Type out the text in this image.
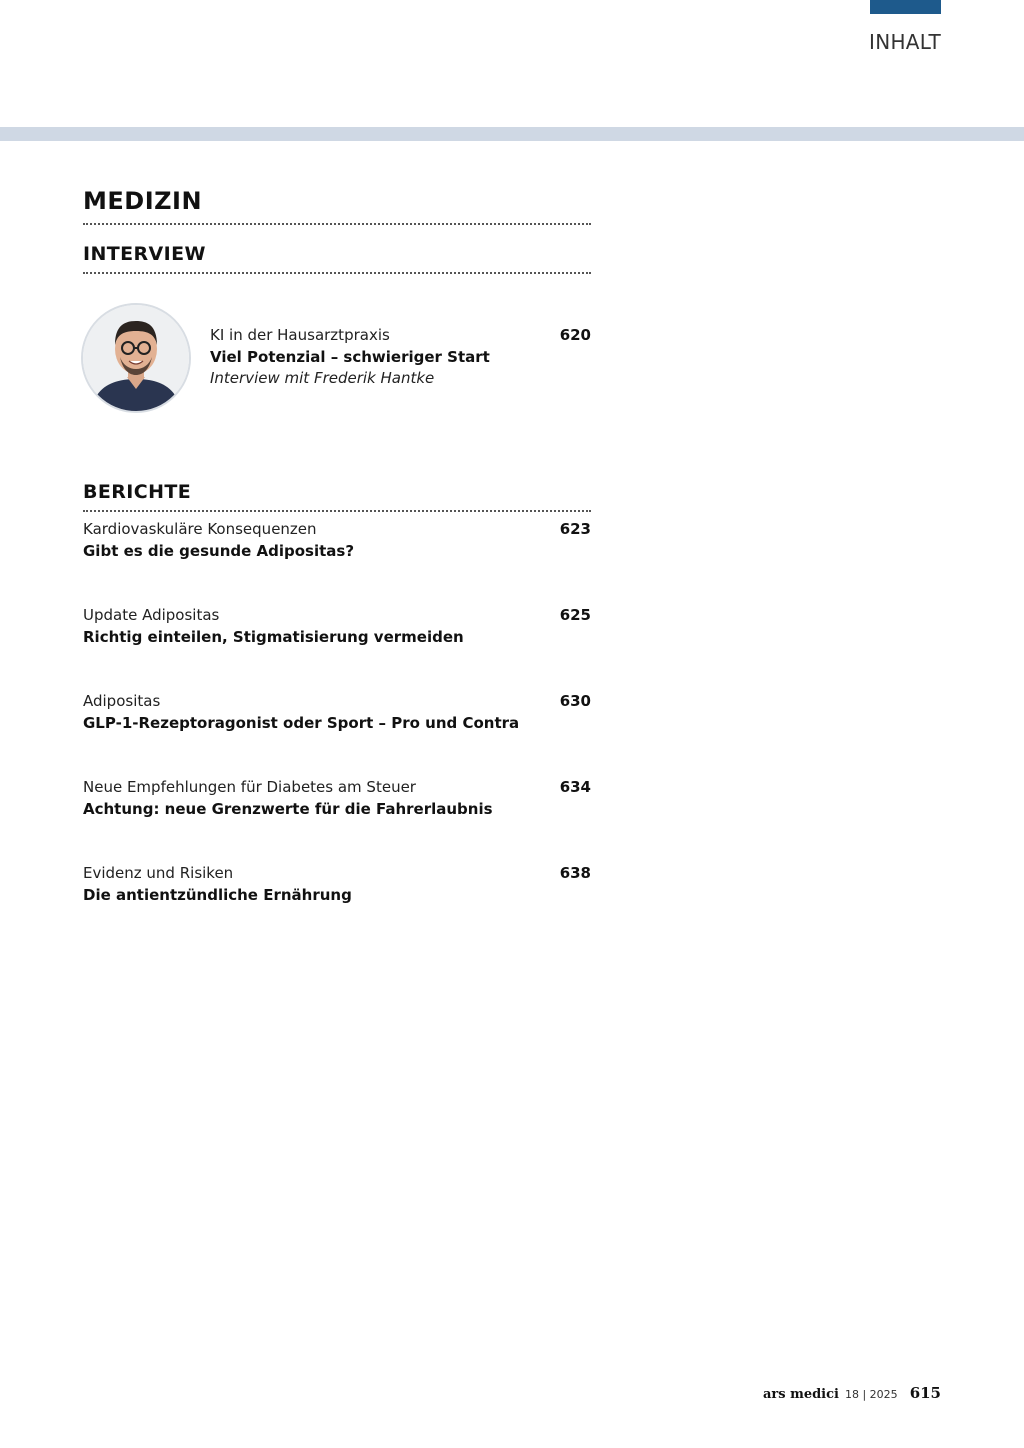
INHALT
MEDIZIN
INTERVIEW
KI in der Hausarztpraxis
Viel Potenzial – schwieriger Start
Interview mit Frederik Hantke
620
BERICHTE
Kardiovaskuläre Konsequenzen
Gibt es die gesunde Adipositas?
623
Update Adipositas
Richtig einteilen, Stigmatisierung vermeiden
625
Adipositas
GLP-1-Rezeptoragonist oder Sport – Pro und Contra
630
Neue Empfehlungen für Diabetes am Steuer
Achtung: neue Grenzwerte für die Fahrerlaubnis
634
Evidenz und Risiken
Die antientzündliche Ernährung
638
ars medici 18 | 2025 615
